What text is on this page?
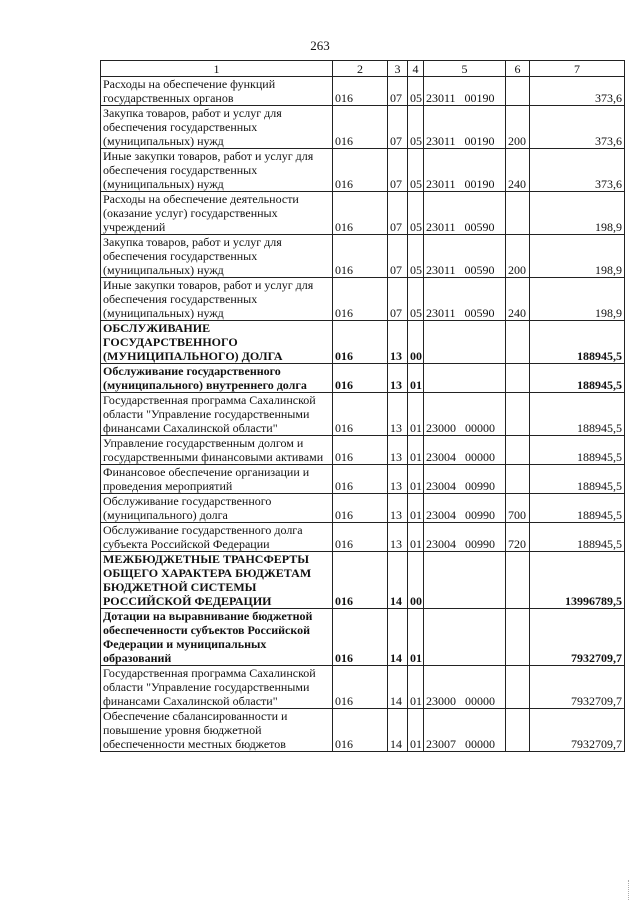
263
1	2	3	4	5	6	7
Расходы на обеспечение функций государственных органов	016	07	05	23011 00190		373,6
Закупка товаров, работ и услуг для обеспечения государственных (муниципальных) нужд	016	07	05	23011 00190	200	373,6
Иные закупки товаров, работ и услуг для обеспечения государственных (муниципальных) нужд	016	07	05	23011 00190	240	373,6
Расходы на обеспечение деятельности (оказание услуг) государственных учреждений	016	07	05	23011 00590		198,9
Закупка товаров, работ и услуг для обеспечения государственных (муниципальных) нужд	016	07	05	23011 00590	200	198,9
Иные закупки товаров, работ и услуг для обеспечения государственных (муниципальных) нужд	016	07	05	23011 00590	240	198,9
ОБСЛУЖИВАНИЕ ГОСУДАРСТВЕННОГО (МУНИЦИПАЛЬНОГО) ДОЛГА	016	13	00			188945,5
Обслуживание государственного (муниципального) внутреннего долга	016	13	01			188945,5
Государственная программа Сахалинской области "Управление государственными финансами Сахалинской области"	016	13	01	23000 00000		188945,5
Управление государственным долгом и государственными финансовыми активами	016	13	01	23004 00000		188945,5
Финансовое обеспечение организации и проведения мероприятий	016	13	01	23004 00990		188945,5
Обслуживание государственного (муниципального) долга	016	13	01	23004 00990	700	188945,5
Обслуживание государственного долга субъекта Российской Федерации	016	13	01	23004 00990	720	188945,5
МЕЖБЮДЖЕТНЫЕ ТРАНСФЕРТЫ ОБЩЕГО ХАРАКТЕРА БЮДЖЕТАМ БЮДЖЕТНОЙ СИСТЕМЫ РОССИЙСКОЙ ФЕДЕРАЦИИ	016	14	00			13996789,5
Дотации на выравнивание бюджетной обеспеченности субъектов Российской Федерации и муниципальных образований	016	14	01			7932709,7
Государственная программа Сахалинской области "Управление государственными финансами Сахалинской области"	016	14	01	23000 00000		7932709,7
Обеспечение сбалансированности и повышение уровня бюджетной обеспеченности местных бюджетов	016	14	01	23007 00000		7932709,7
